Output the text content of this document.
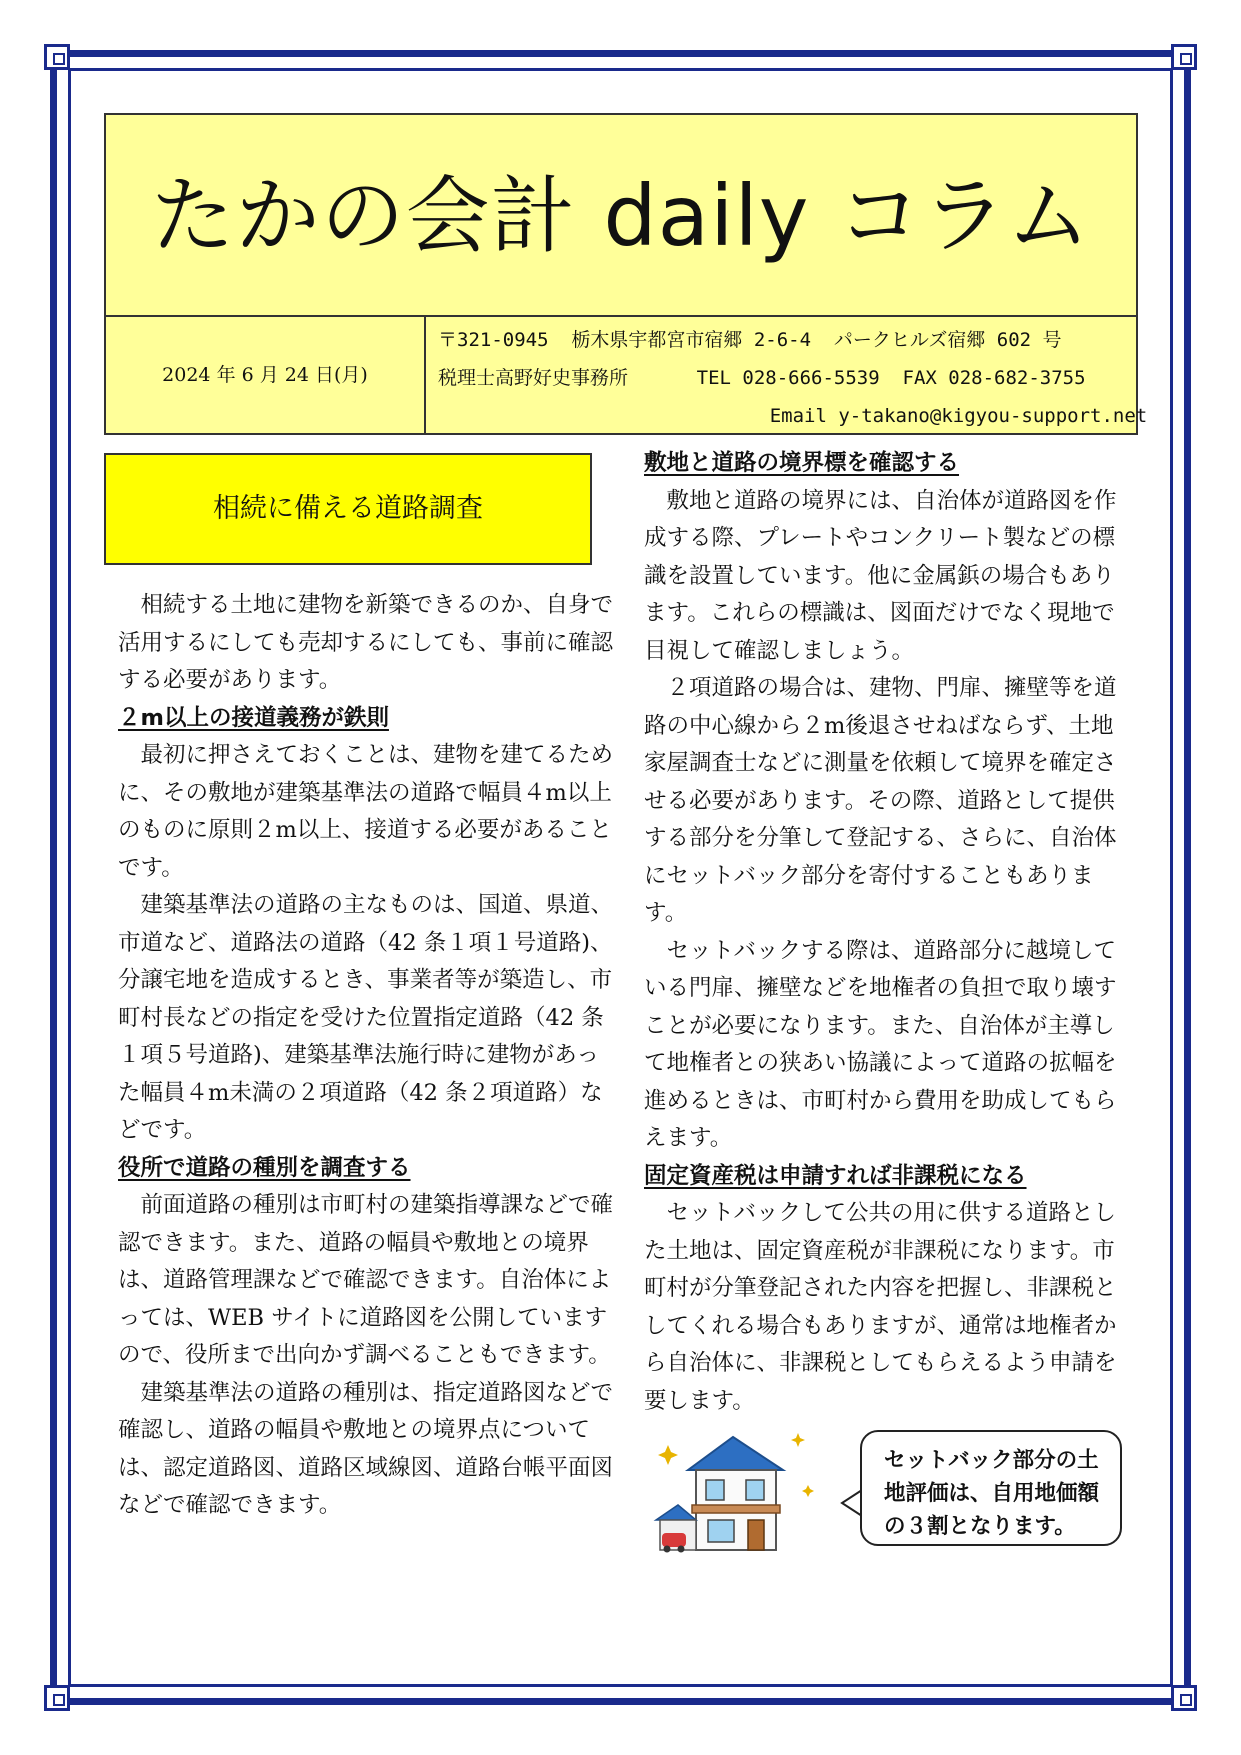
たかの会計 daily コラム
2024 年 6 月 24 日(月)
〒321-0945  栃木県宇都宮市宿郷 2-6-4  パークヒルズ宿郷 602 号
税理士高野好史事務所      TEL 028-666-5539  FAX 028-682-3755
Email y-takano@kigyou-support.net
相続に備える道路調査

相続する土地に建物を新築できるのか、自身で活用するにしても売却するにしても、事前に確認する必要があります。

２m以上の接道義務が鉄則

最初に押さえておくことは、建物を建てるために、その敷地が建築基準法の道路で幅員４m以上のものに原則２m以上、接道する必要があることです。

建築基準法の道路の主なものは、国道、県道、市道など、道路法の道路（42 条１項１号道路)、分譲宅地を造成するとき、事業者等が築造し、市町村長などの指定を受けた位置指定道路（42 条１項５号道路)、建築基準法施行時に建物があった幅員４m未満の２項道路（42 条２項道路）などです。

役所で道路の種別を調査する

前面道路の種別は市町村の建築指導課などで確認できます。また、道路の幅員や敷地との境界は、道路管理課などで確認できます。自治体によっては、WEB サイトに道路図を公開していますので、役所まで出向かず調べることもできます。

建築基準法の道路の種別は、指定道路図などで確認し、道路の幅員や敷地との境界点については、認定道路図、道路区域線図、道路台帳平面図などで確認できます。

敷地と道路の境界標を確認する

敷地と道路の境界には、自治体が道路図を作成する際、プレートやコンクリート製などの標識を設置しています。他に金属鋲の場合もあります。これらの標識は、図面だけでなく現地で目視して確認しましょう。

２項道路の場合は、建物、門扉、擁壁等を道路の中心線から２m後退させねばならず、土地家屋調査士などに測量を依頼して境界を確定させる必要があります。その際、道路として提供する部分を分筆して登記する、さらに、自治体にセットバック部分を寄付することもあります。

セットバックする際は、道路部分に越境している門扉、擁壁などを地権者の負担で取り壊すことが必要になります。また、自治体が主導して地権者との狭あい協議によって道路の拡幅を進めるときは、市町村から費用を助成してもらえます。

固定資産税は申請すれば非課税になる

セットバックして公共の用に供する道路とした土地は、固定資産税が非課税になります。市町村が分筆登記された内容を把握し、非課税としてくれる場合もありますが、通常は地権者から自治体に、非課税としてもらえるよう申請を要します。

セットバック部分の土地評価は、自用地価額の３割となります。
